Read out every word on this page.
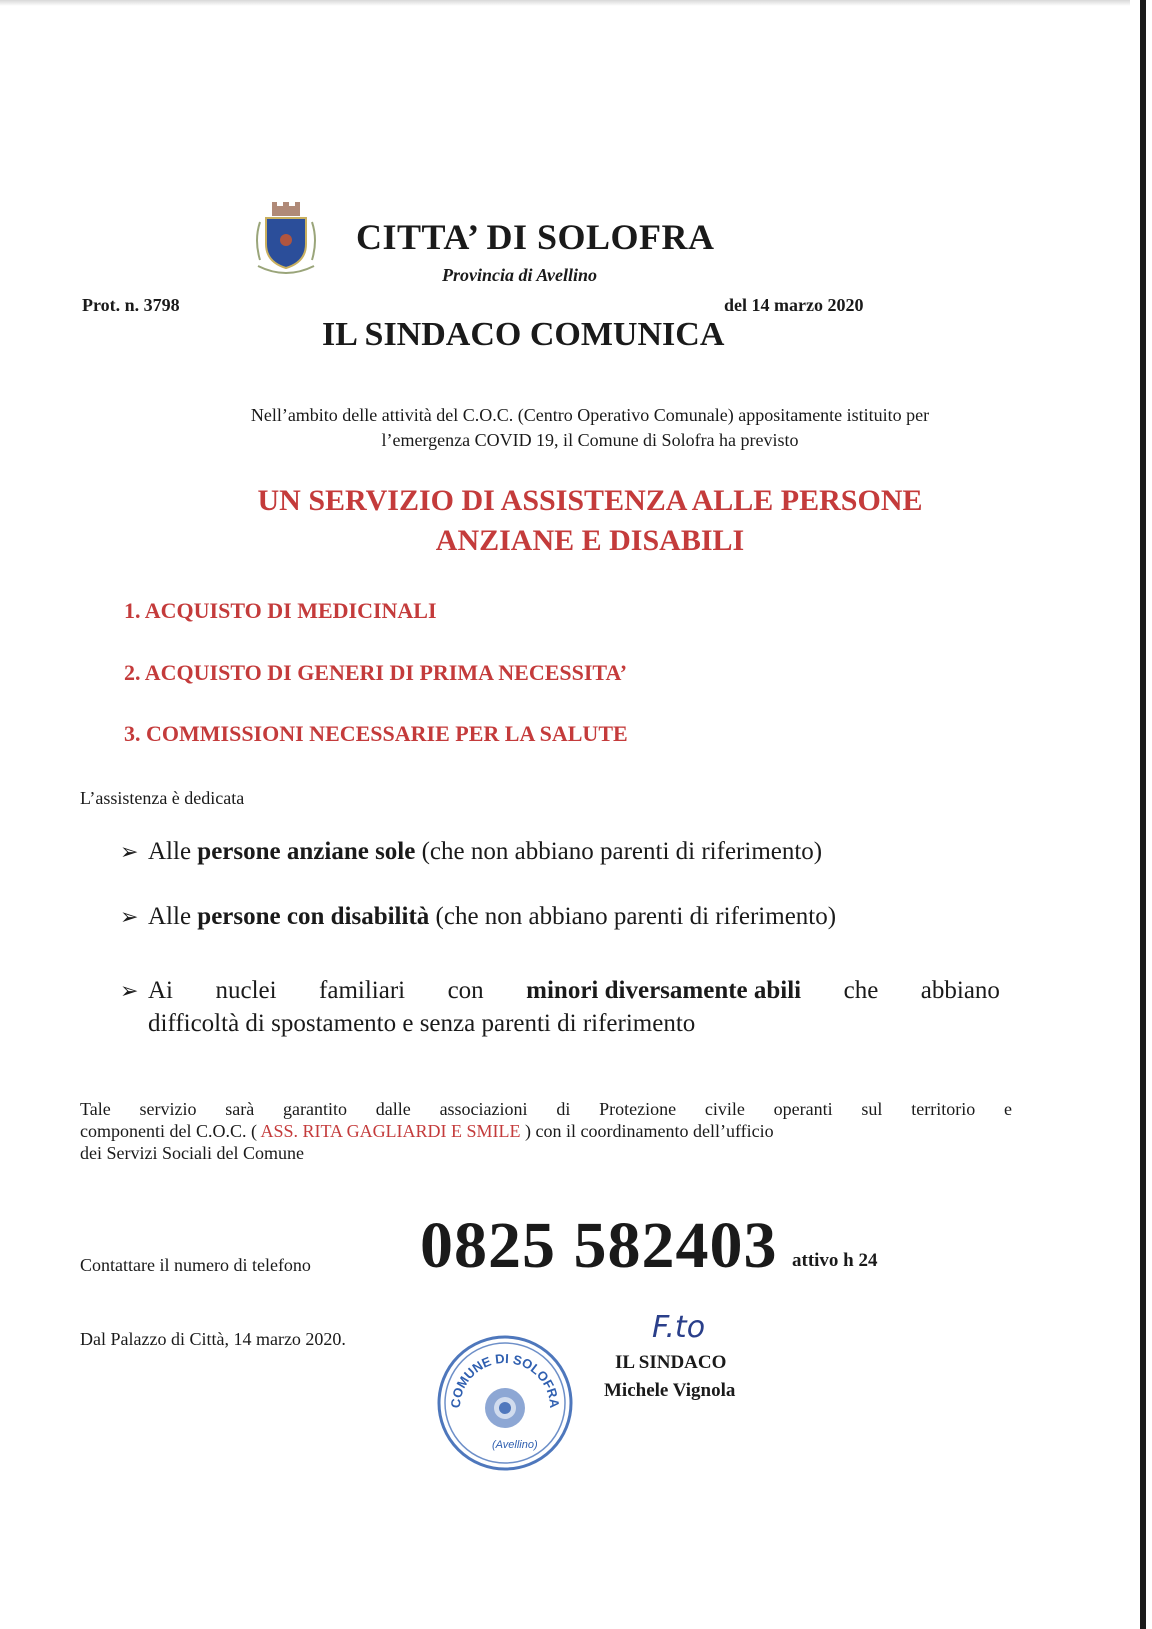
CITTA’ DI SOLOFRA
Provincia di Avellino
Prot. n. 3798	del 14 marzo 2020
IL SINDACO COMUNICA
Nell’ambito delle attività del C.O.C. (Centro Operativo Comunale) appositamente istituito per
l’emergenza COVID 19, il Comune di Solofra ha previsto
UN SERVIZIO DI ASSISTENZA ALLE PERSONE
ANZIANE E DISABILI
1. ACQUISTO DI MEDICINALI
2. ACQUISTO DI GENERI DI PRIMA NECESSITA’
3. COMMISSIONI NECESSARIE PER LA SALUTE
L’assistenza è dedicata
➢ Alle persone anziane sole (che non abbiano parenti di riferimento)
➢ Alle persone con disabilità (che non abbiano parenti di riferimento)
➢ Ai nuclei familiari con minori diversamente abili che abbiano
difficoltà di spostamento e senza parenti di riferimento
Tale servizio sarà garantito dalle associazioni di Protezione civile operanti sul territorio e
componenti del C.O.C. ( ASS. RITA GAGLIARDI E SMILE ) con il coordinamento dell’ufficio
dei Servizi Sociali del Comune
Contattare il numero di telefono 0825 582403 attivo h 24
Dal Palazzo di Città, 14 marzo 2020.	F.to
IL SINDACO
Michele Vignola
COMUNE DI SOLOFRA
(Avellino)
